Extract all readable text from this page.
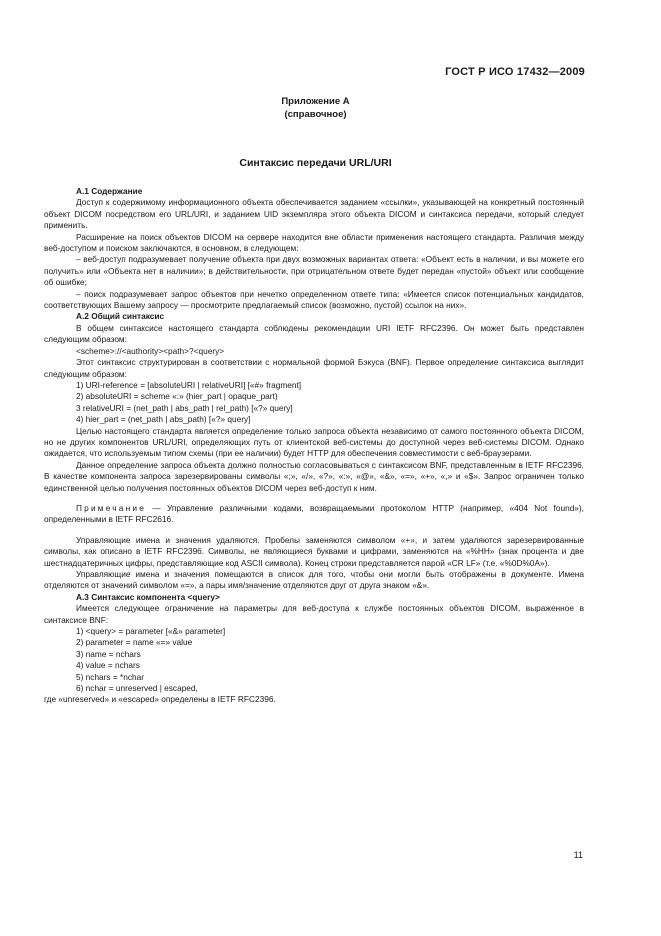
ГОСТ Р ИСО 17432—2009
Приложение А
(справочное)
Синтаксис передачи URL/URI

А.1 Содержание

Доступ к содержимому информационного объекта обеспечивается заданием «ссылки», указывающей на конкретный постоянный объект DICOM посредством его URL/URI, и заданием UID экземпляра этого объекта DICOM и синтаксиса передачи, который следует применить.

Расширение на поиск объектов DICOM на сервере находится вне области применения настоящего стандарта. Различия между веб-доступом и поиском заключаются, в основном, в следующем:

– веб-доступ подразумевает получение объекта при двух возможных вариантах ответа: «Объект есть в наличии, и вы можете его получить» или «Объекта нет в наличии»; в действительности, при отрицательном ответе будет передан «пустой» объект или сообщение об ошибке;

– поиск подразумевает запрос объектов при нечетко определенном ответе типа: «Имеется список потенциальных кандидатов, соответствующих Вашему запросу — просмотрите предлагаемый список (возможно, пустой) ссылок на них».

А.2 Общий синтаксис

В общем синтаксисе настоящего стандарта соблюдены рекомендации URI IETF RFC2396. Он может быть представлен следующим образом:

<scheme>://<authority><path>?<query>

Этот синтаксис структурирован в соответствии с нормальной формой Бэкуса (BNF). Первое определение синтаксиса выглядит следующим образом:

1) URI-reference = [absoluteURI | relativeURI] [«#» fragment]

2) absoluteURI = scheme «:» (hier_part | opaque_part)

3 relativeURI = (net_path | abs_path | rel_path) [«?» query]

4) hier_part = (net_path | abs_path) [«?» query]

Целью настоящего стандарта является определение только запроса объекта независимо от самого постоянного объекта DICOM, но не других компонентов URL/URI, определяющих путь от клиентской веб-системы до доступной через веб-системы DICOM. Однако ожидается, что используемым типом схемы (при ее наличии) будет HTTP для обеспечения совместимости с веб-браузерами.

Данное определение запроса объекта должно полностью согласовываться с синтаксисом BNF, представленным в IETF RFC2396. В качестве компонента запроса зарезервированы символы «;», «/», «?», «:», «@», «&», «=», «+», «,» и «$». Запрос ограничен только единственной целью получения постоянных объектов DICOM через веб-доступ к ним.

Примечание — Управление различными кодами, возвращаемыми протоколом HTTP (например, «404 Not found»), определенными в IETF RFC2616.

Управляющие имена и значения удаляются. Пробелы заменяются символом «+», и затем удаляются зарезервированные символы, как описано в IETF RFC2396. Символы, не являющиеся буквами и цифрами, заменяются на «%HH» (знак процента и две шестнадцатеричных цифры, представляющие код ASCII символа). Конец строки представляется парой «CR LF» (т.е. «%0D%0A»).

Управляющие имена и значения помещаются в список для того, чтобы они могли быть отображены в документе. Имена отделяются от значений символом «=», а пары имя/значение отделяются друг от друга знаком «&».

А.3 Синтаксис компонента <query>

Имеется следующее ограничение на параметры для веб-доступа к службе постоянных объектов DICOM, выраженное в синтаксисе BNF:

1) <query> = parameter [«&» parameter]

2) parameter = name «=» value

3) name = nchars

4) value = nchars

5) nchars = *nchar

6) nchar = unreserved | escaped,

где «unreserved» и «escaped» определены в IETF RFC2396.

11
